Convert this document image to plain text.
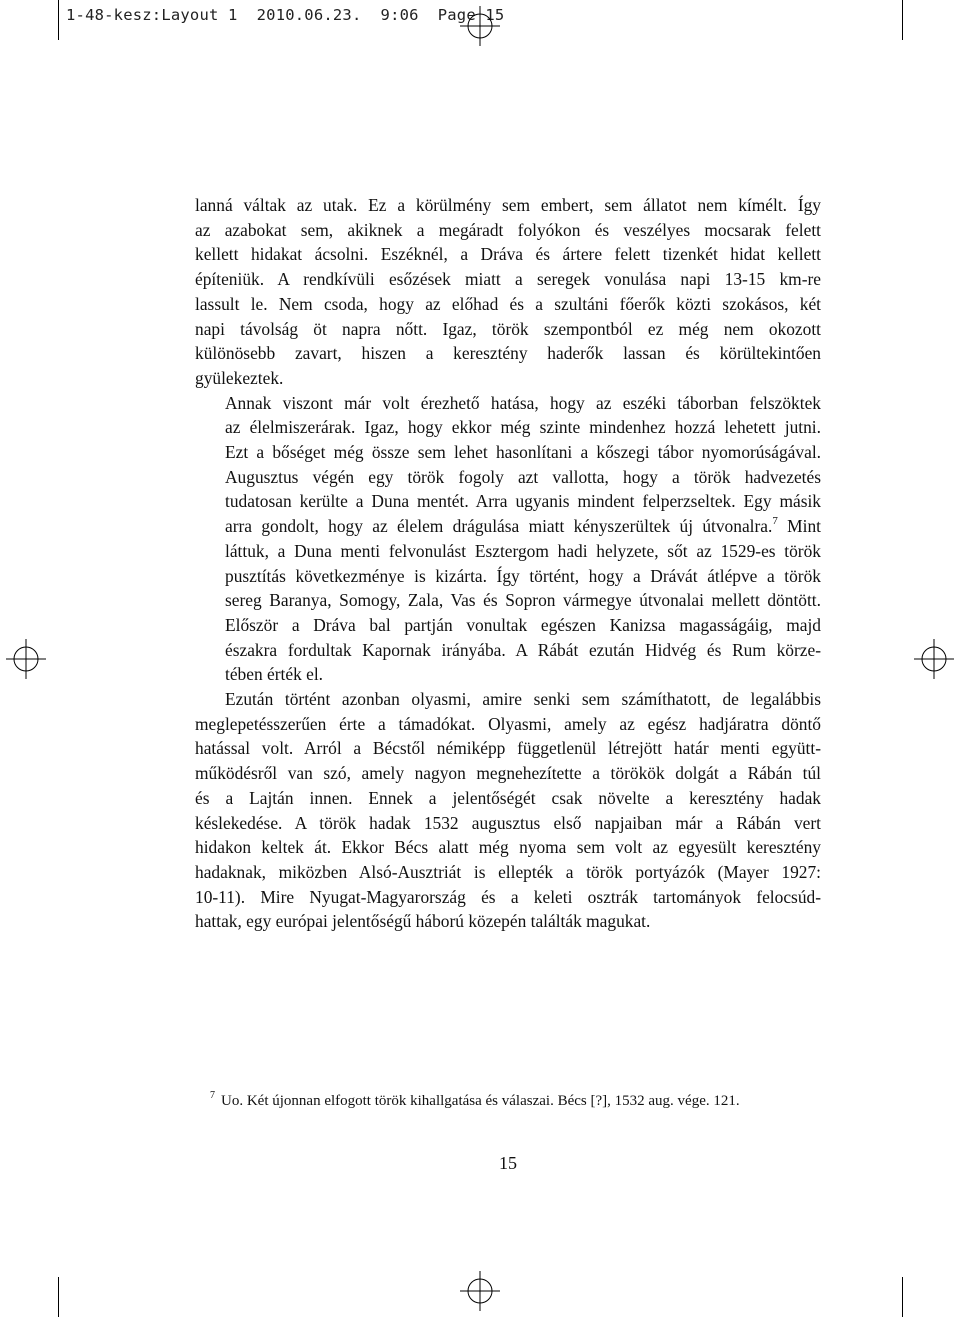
1-48-kesz:Layout 1  2010.06.23.  9:06  Page 15

lanná váltak az utak. Ez a körülmény sem embert, sem állatot nem kímélt. Így
az azabokat sem, akiknek a megáradt folyókon és veszélyes mocsarak felett
kellett hidakat ácsolni. Eszéknél, a Dráva és ártere felett tizenkét hidat kellett
építeniük. A rendkívüli esőzések miatt a seregek vonulása napi 13-15 km-re
lassult le. Nem csoda, hogy az előhad és a szultáni főerők közti szokásos, két
napi távolság öt napra nőtt. Igaz, török szempontból ez még nem okozott
különösebb zavart, hiszen a keresztény haderők lassan és körültekintően
gyülekeztek.

Annak viszont már volt érezhető hatása, hogy az eszéki táborban felszöktek
az élelmiszerárak. Igaz, hogy ekkor még szinte mindenhez hozzá lehetett jutni.
Ezt a bőséget még össze sem lehet hasonlítani a kőszegi tábor nyomorúságával.
Augusztus végén egy török fogoly azt vallotta, hogy a török hadvezetés
tudatosan kerülte a Duna mentét. Arra ugyanis mindent felperzseltek. Egy másik
arra gondolt, hogy az élelem drágulása miatt kényszerültek új útvonalra.$^7$ Mint
láttuk, a Duna menti felvonulást Esztergom hadi helyzete, sőt az 1529-es török
pusztítás következménye is kizárta. Így történt, hogy a Drávát átlépve a török
sereg Baranya, Somogy, Zala, Vas és Sopron vármegye útvonalai mellett döntött.
Először a Dráva bal partján vonultak egészen Kanizsa magasságáig, majd
északra fordultak Kapornak irányába. A Rábát ezután Hidvég és Rum körze-
tében érték el.

Ezután történt azonban olyasmi, amire senki sem számíthatott, de legalábbis
meglepetésszerűen érte a támadókat. Olyasmi, amely az egész hadjáratra döntő
hatással volt. Arról a Bécstől némiképp függetlenül létrejött határ menti együtt-
működésről van szó, amely nagyon megnehezítette a törökök dolgát a Rábán túl
és a Lajtán innen. Ennek a jelentőségét csak növelte a keresztény hadak
késlekedése. A török hadak 1532 augusztus első napjaiban már a Rábán vert
hidakon keltek át. Ekkor Bécs alatt még nyoma sem volt az egyesült keresztény
hadaknak, miközben Alsó-Ausztriát is ellepték a török portyázók (Mayer 1927:
10-11). Mire Nyugat-Magyarország és a keleti osztrák tartományok felocsúd-
hattak, egy európai jelentőségű háború közepén találták magukat.

7 Uo. Két újonnan elfogott török kihallgatása és válaszai. Bécs [?], 1532 aug. vége. 121.
15
